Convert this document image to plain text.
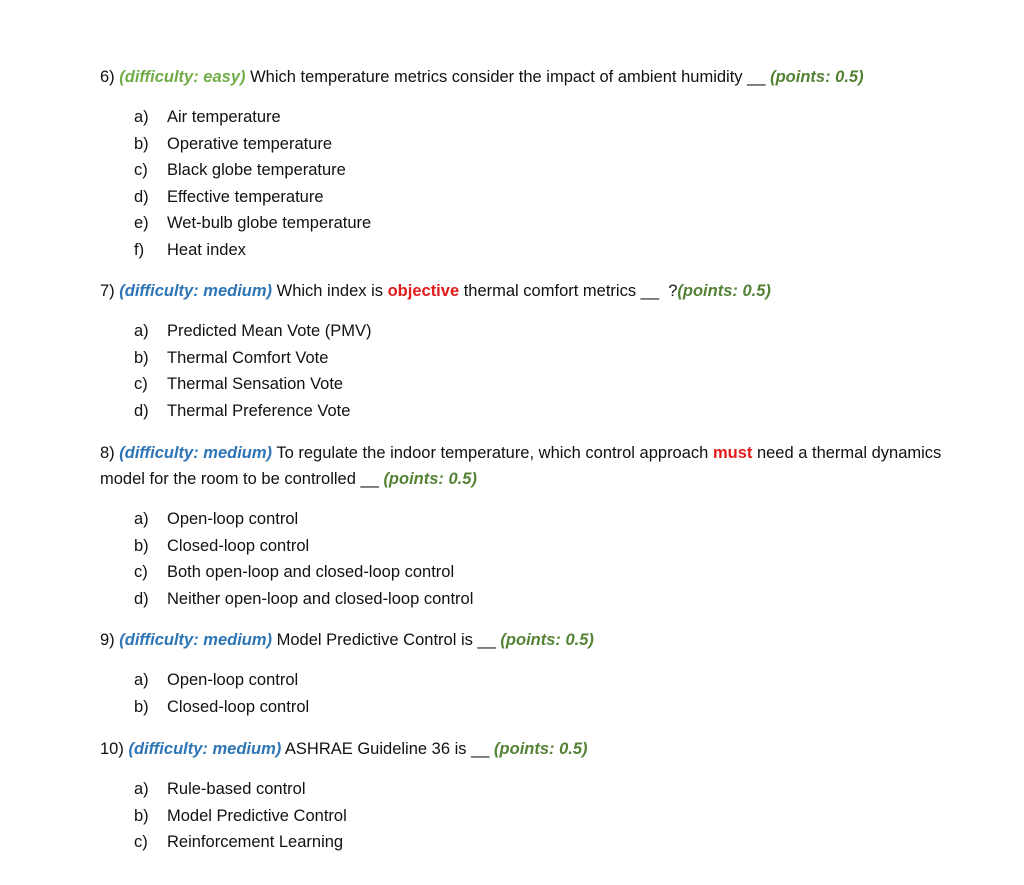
6) (difficulty: easy) Which temperature metrics consider the impact of ambient humidity __ (points: 0.5)

a)	Air temperature
b)	Operative temperature
c)	Black globe temperature
d)	Effective temperature
e)	Wet-bulb globe temperature
f)	Heat index

7) (difficulty: medium) Which index is objective thermal comfort metrics __  ?(points: 0.5)

a)	Predicted Mean Vote (PMV)
b)	Thermal Comfort Vote
c)	Thermal Sensation Vote
d)	Thermal Preference Vote

8) (difficulty: medium) To regulate the indoor temperature, which control approach must need a thermal dynamics model for the room to be controlled __ (points: 0.5)

a)	Open-loop control
b)	Closed-loop control
c)	Both open-loop and closed-loop control
d)	Neither open-loop and closed-loop control

9) (difficulty: medium) Model Predictive Control is __ (points: 0.5)

a)	Open-loop control
b)	Closed-loop control

10) (difficulty: medium) ASHRAE Guideline 36 is __ (points: 0.5)

a)	Rule-based control
b)	Model Predictive Control
c)	Reinforcement Learning
